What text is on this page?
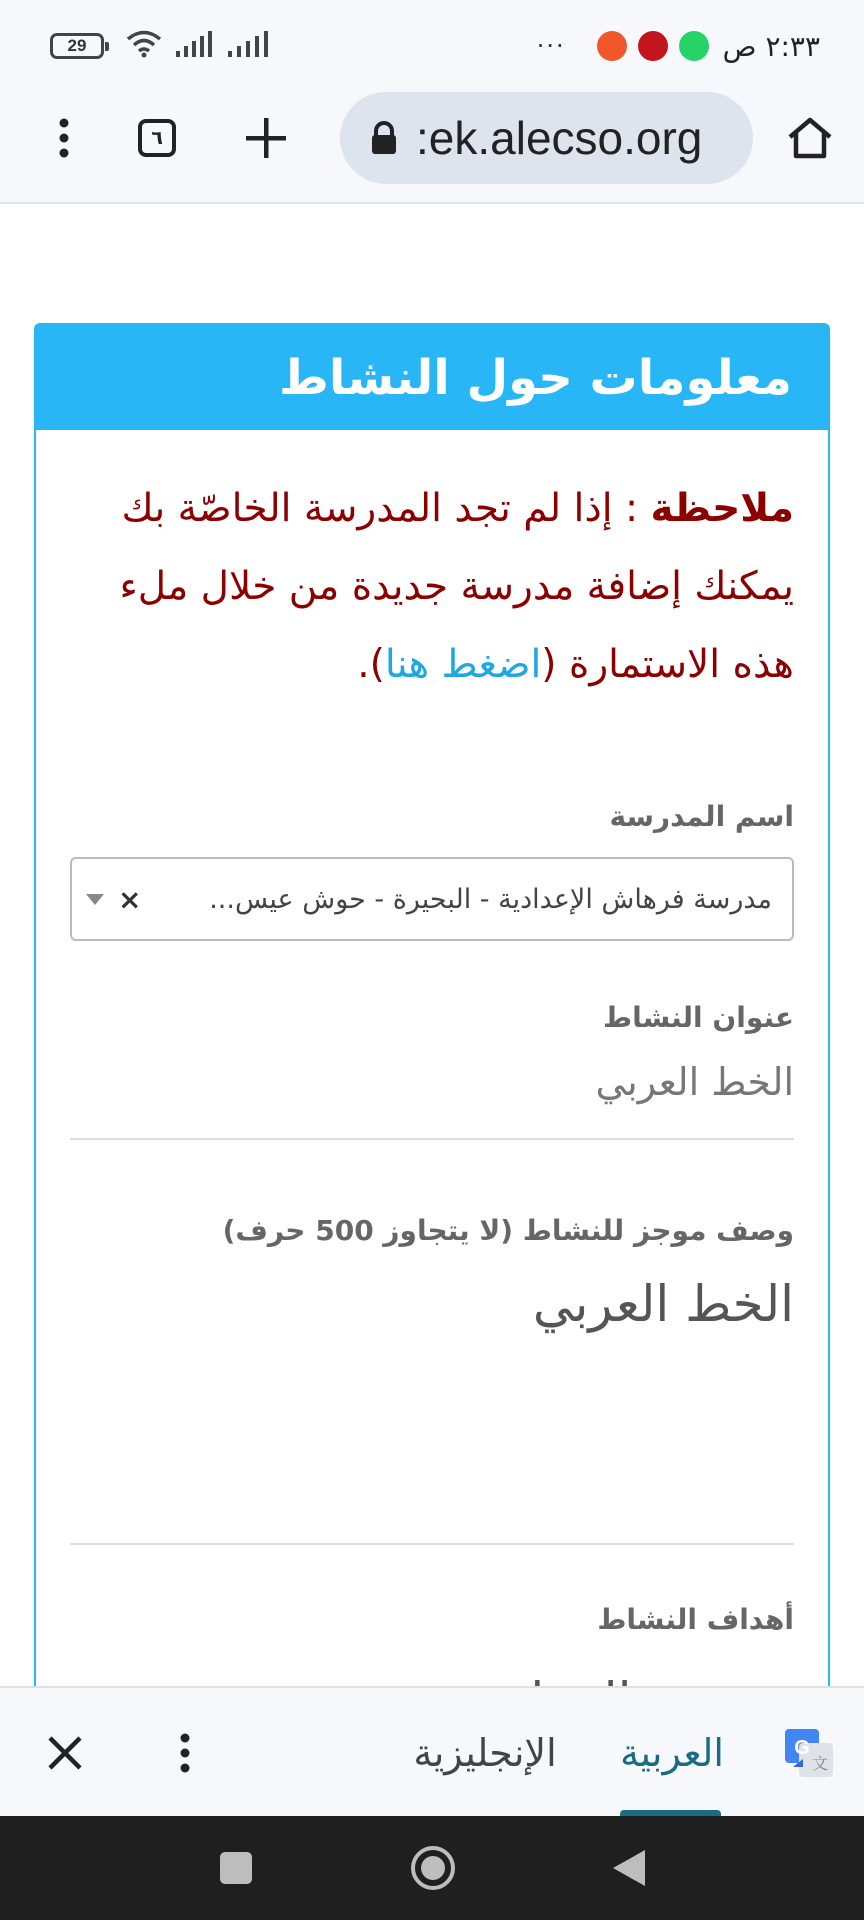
29	···	٢:٣٣ ص
٦	:ek.alecso.org
معلومات حول النشاط

ملاحظة : إذا لم تجد المدرسة الخاصّة بك يمكنك إضافة مدرسة جديدة من خلال ملء هذه الاستمارة (اضغط هنا).

اسم المدرسة
مدرسة فرهاش الإعدادية - البحيرة - حوش عيس...
×
عنوان النشاط
الخط العربي
وصف موجز للنشاط (لا يتجاوز 500 حرف)
الخط العربي
أهداف النشاط
الإنجليزية	العربية	G
文
